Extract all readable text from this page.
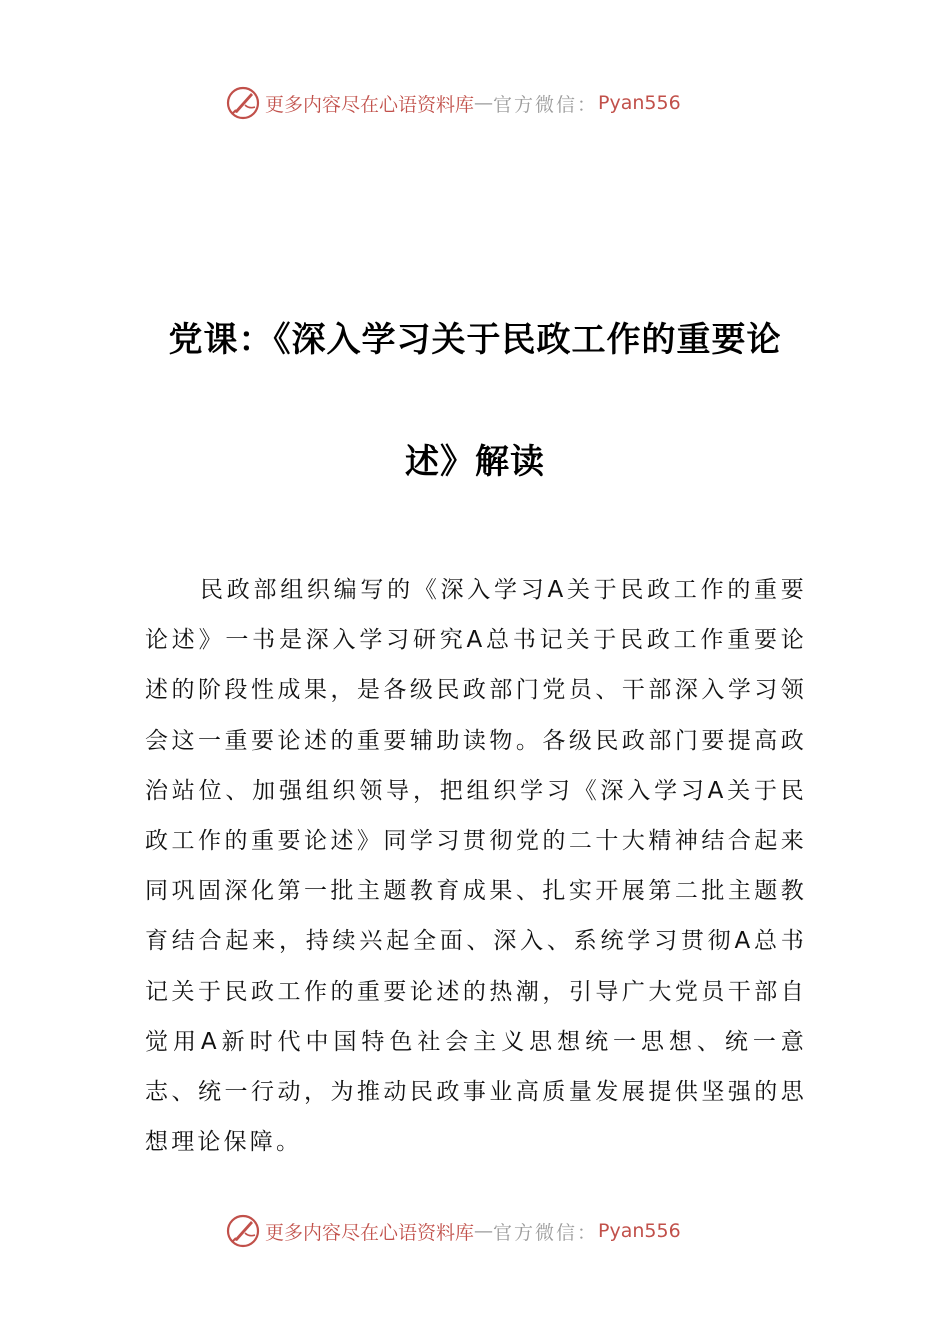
更多内容尽在心语资料库 — 官方微信： Pyan556
党课：《深入学习关于民政工作的重要论
述》解读

民政部组织编写的《深入学习A关于民政工作的重要论述》一书是深入学习研究A总书记关于民政工作重要论述的阶段性成果，是各级民政部门党员、干部深入学习领会这一重要论述的重要辅助读物。各级民政部门要提高政治站位、加强组织领导，把组织学习《深入学习A关于民政工作的重要论述》同学习贯彻党的二十大精神结合起来同巩固深化第一批主题教育成果、扎实开展第二批主题教育结合起来，持续兴起全面、深入、系统学习贯彻A总书记关于民政工作的重要论述的热潮，引导广大党员干部自觉用A新时代中国特色社会主义思想统一思想、统一意志、统一行动，为推动民政事业高质量发展提供坚强的思想理论保障。

更多内容尽在心语资料库 — 官方微信： Pyan556
